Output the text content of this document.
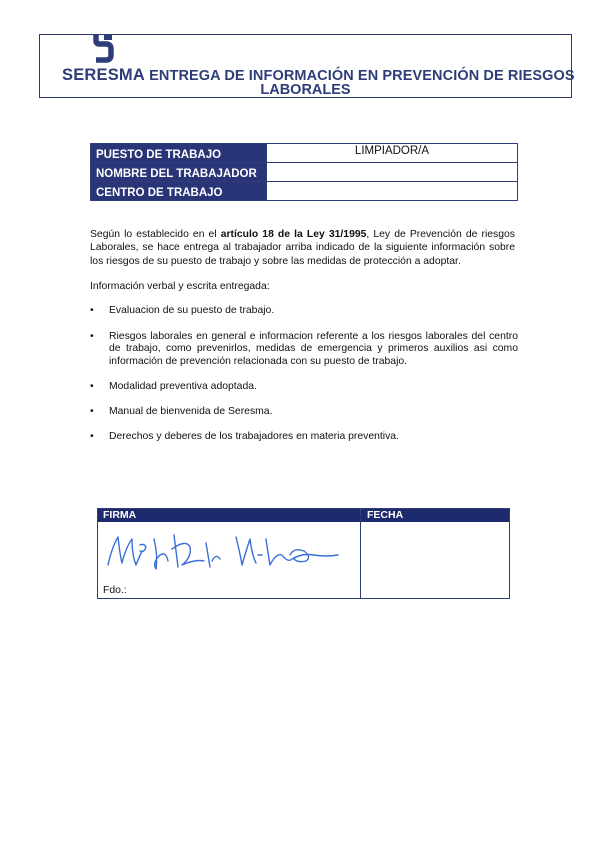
SERESMA ENTREGA DE INFORMACIÓN EN PREVENCIÓN DE RIESGOS
LABORALES
PUESTO DE TRABAJO	LIMPIADOR/A
NOMBRE DEL TRABAJADOR	
CENTRO DE TRABAJO	
Según lo establecido en el artículo 18 de la Ley 31/1995, Ley de Prevención de riesgos Laborales, se hace entrega al trabajador arriba indicado de la siguiente información sobre los riesgos de su puesto de trabajo y sobre las medidas de protección a adoptar.
Información verbal y escrita entregada:
• Evaluacion de su puesto de trabajo.
• Riesgos laborales en general e informacion referente a los riesgos laborales del centro de trabajo, como prevenirlos, medidas de emergencia y primeros auxilios asi como información de prevención relacionada con su puesto de trabajo.
• Modalidad preventiva adoptada.
• Manual de bienvenida de Seresma.
• Derechos y deberes de los trabajadores en materia preventiva.
FIRMA	FECHA
Fdo.:
